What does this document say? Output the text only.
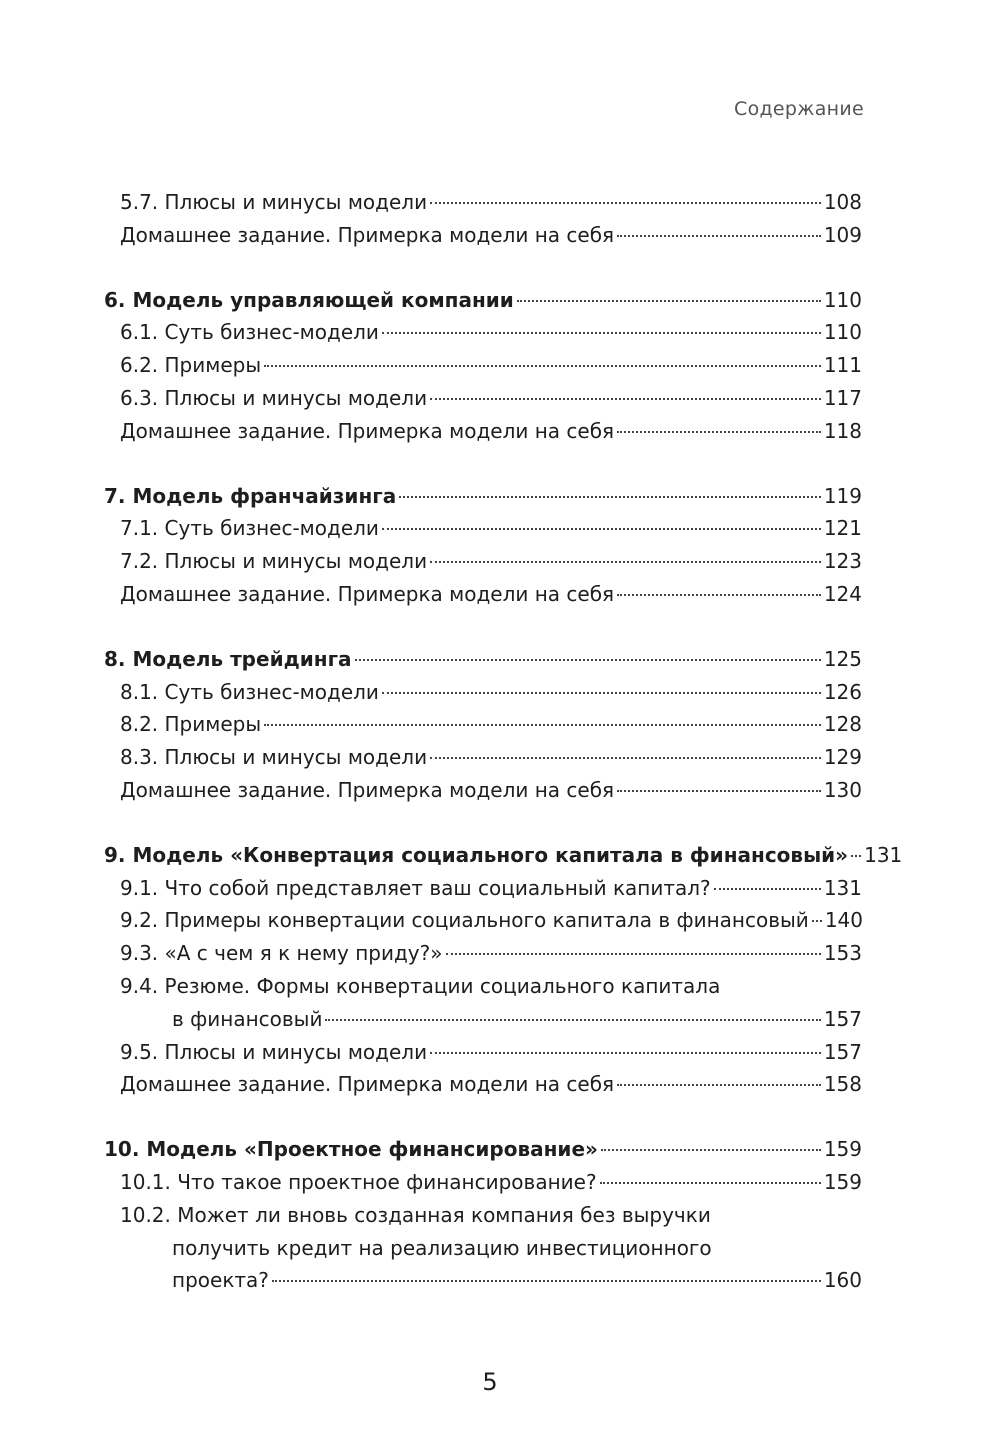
Содержание
5.7. Плюсы и минусы модели	108
Домашнее задание. Примерка модели на себя	109
6. Модель управляющей компании	110
6.1. Суть бизнес-модели	110
6.2. Примеры	111
6.3. Плюсы и минусы модели	117
Домашнее задание. Примерка модели на себя	118
7. Модель франчайзинга	119
7.1. Суть бизнес-модели	121
7.2. Плюсы и минусы модели	123
Домашнее задание. Примерка модели на себя	124
8. Модель трейдинга	125
8.1. Суть бизнес-модели	126
8.2. Примеры	128
8.3. Плюсы и минусы модели	129
Домашнее задание. Примерка модели на себя	130
9. Модель «Конвертация социального капитала в финансовый» 131
9.1. Что собой представляет ваш социальный капитал?	131
9.2. Примеры конвертации социального капитала в финансовый 140
9.3. «А с чем я к нему приду?»	153
9.4. Резюме. Формы конвертации социального капитала
в финансовый	157
9.5. Плюсы и минусы модели	157
Домашнее задание. Примерка модели на себя	158
10. Модель «Проектное финансирование»	159
10.1. Что такое проектное финансирование?	159
10.2. Может ли вновь созданная компания без выручки
получить кредит на реализацию инвестиционного
проекта?	160
5
